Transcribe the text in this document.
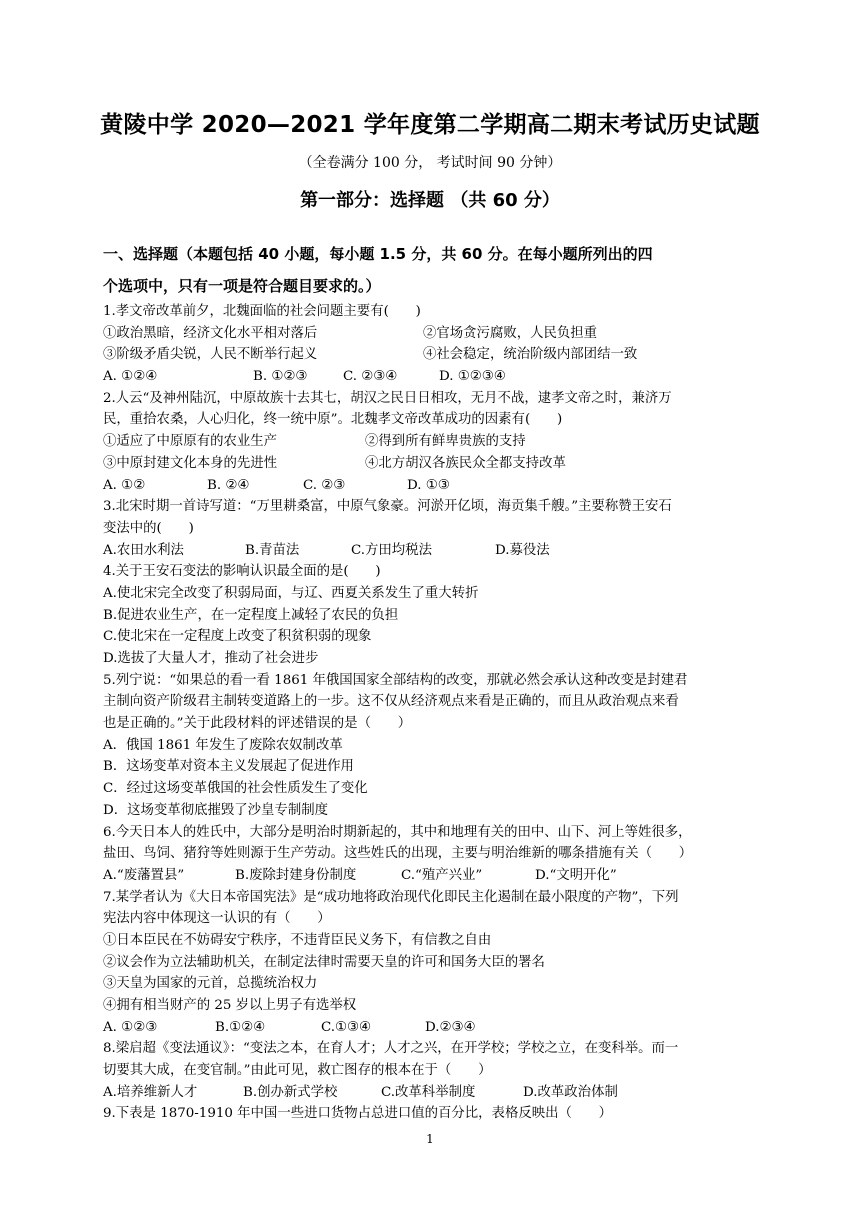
黄陵中学 2020—2021 学年度第二学期高二期末考试历史试题
（全卷满分 100 分， 考试时间 90 分钟）
第一部分：选择题 （共 60 分）
一、选择题（本题包括 40 小题，每小题 1.5 分，共 60 分。在每小题所列出的四
个选项中，只有一项是符合题目要求的。）
1.孝文帝改革前夕，北魏面临的社会问题主要有(　　)
①政治黑暗，经济文化水平相对落后	②官场贪污腐败，人民负担重
③阶级矛盾尖锐，人民不断举行起义	④社会稳定，统治阶级内部团结一致
A. ①②④	B. ①②③	C. ②③④	D. ①②③④
2.人云“及神州陆沉，中原故族十去其七，胡汉之民日日相攻，无月不战，逮孝文帝之时，兼济万
民，重拾农桑，人心归化，终一统中原”。北魏孝文帝改革成功的因素有(　　)
①适应了中原原有的农业生产	②得到所有鲜卑贵族的支持
③中原封建文化本身的先进性	④北方胡汉各族民众全都支持改革
A. ①②	B. ②④	C. ②③	D. ①③
3.北宋时期一首诗写道：“万里耕桑富，中原气象豪。河淤开亿顷，海贡集千艘。”主要称赞王安石
变法中的(　　)
A.农田水利法	B.青苗法	C.方田均税法	D.募役法
4.关于王安石变法的影响认识最全面的是(　　)
A.使北宋完全改变了积弱局面，与辽、西夏关系发生了重大转折
B.促进农业生产，在一定程度上减轻了农民的负担
C.使北宋在一定程度上改变了积贫积弱的现象
D.选拔了大量人才，推动了社会进步
5.列宁说：“如果总的看一看 1861 年俄国国家全部结构的改变，那就必然会承认这种改变是封建君
主制向资产阶级君主制转变道路上的一步。这不仅从经济观点来看是正确的，而且从政治观点来看
也是正确的。”关于此段材料的评述错误的是（　　）
A．俄国 1861 年发生了废除农奴制改革
B．这场变革对资本主义发展起了促进作用
C．经过这场变革俄国的社会性质发生了变化
D．这场变革彻底摧毁了沙皇专制制度
6.今天日本人的姓氏中，大部分是明治时期新起的，其中和地理有关的田中、山下、河上等姓很多，
盐田、鸟饲、猪狩等姓则源于生产劳动。这些姓氏的出现，主要与明治维新的哪条措施有关（　　）
A.“废藩置县”	B.废除封建身份制度	C.“殖产兴业”	D.“文明开化”
7.某学者认为《大日本帝国宪法》是“成功地将政治现代化即民主化遏制在最小限度的产物”，下列
宪法内容中体现这一认识的有（　　）
①日本臣民在不妨碍安宁秩序，不违背臣民义务下，有信教之自由
②议会作为立法辅助机关，在制定法律时需要天皇的许可和国务大臣的署名
③天皇为国家的元首，总揽统治权力
④拥有相当财产的 25 岁以上男子有选举权
A. ①②③	B.①②④	C.①③④	D.②③④
8.梁启超《变法通议》：“变法之本，在育人才；人才之兴，在开学校；学校之立，在变科举。而一
切要其大成，在变官制。”由此可见，救亡图存的根本在于（　　）
A.培养维新人才	B.创办新式学校	C.改革科举制度	D.改革政治体制
9.下表是 1870-1910 年中国一些进口货物占总进口值的百分比，表格反映出（　　）
1
